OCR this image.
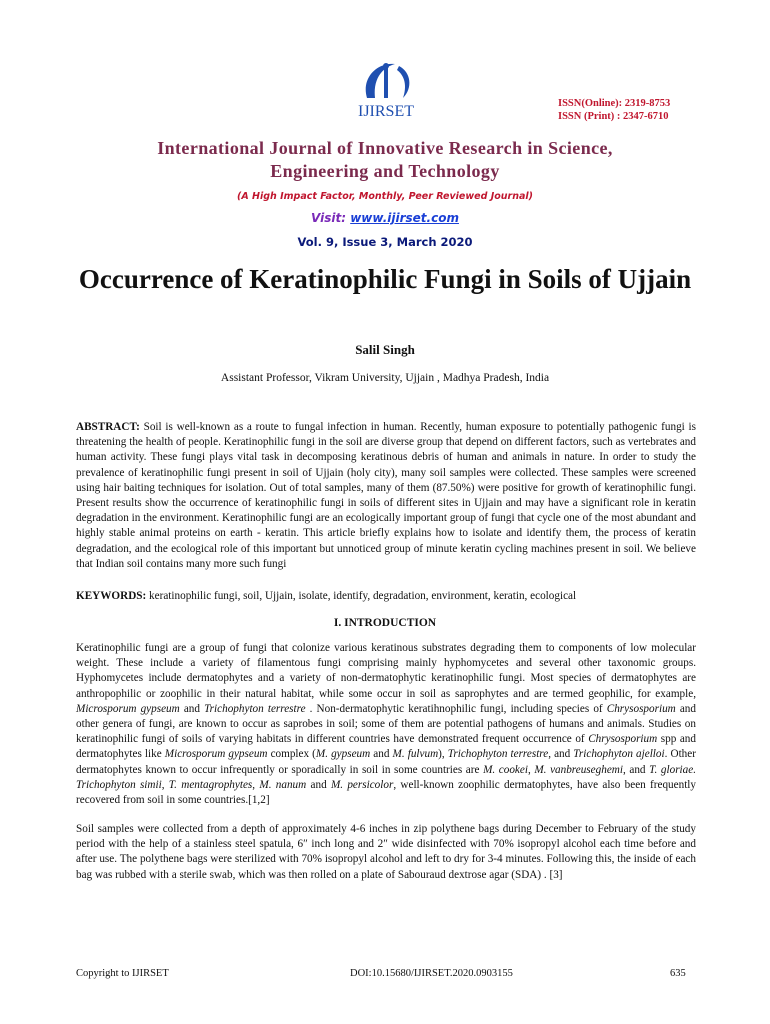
IJIRSET	ISSN(Online): 2319-8753
ISSN (Print) : 2347-6710
International Journal of Innovative Research in Science,
Engineering and Technology
(A High Impact Factor, Monthly, Peer Reviewed Journal)
Visit: www.ijirset.com
Vol. 9, Issue 3, March 2020
Occurrence of Keratinophilic Fungi in Soils of Ujjain
Salil Singh
Assistant Professor, Vikram University, Ujjain , Madhya Pradesh, India
ABSTRACT: Soil is well-known as a route to fungal infection in human. Recently, human exposure to potentially pathogenic fungi is threatening the health of people. Keratinophilic fungi in the soil are diverse group that depend on different factors, such as vertebrates and human activity. These fungi plays vital task in decomposing keratinous debris of human and animals in nature. In order to study the prevalence of keratinophilic fungi present in soil of Ujjain (holy city), many soil samples were collected. These samples were screened using hair baiting techniques for isolation. Out of total samples, many of them (87.50%) were positive for growth of keratinophilic fungi. Present results show the occurrence of keratinophilic fungi in soils of different sites in Ujjain and may have a significant role in keratin degradation in the environment. Keratinophilic fungi are an ecologically important group of fungi that cycle one of the most abundant and highly stable animal proteins on earth - keratin. This article briefly explains how to isolate and identify them, the process of keratin degradation, and the ecological role of this important but unnoticed group of minute keratin cycling machines present in soil. We believe that Indian soil contains many more such fungi
KEYWORDS: keratinophilic fungi, soil, Ujjain, isolate, identify, degradation, environment, keratin, ecological
I. INTRODUCTION
Keratinophilic fungi are a group of fungi that colonize various keratinous substrates degrading them to components of low molecular weight. These include a variety of filamentous fungi comprising mainly hyphomycetes and several other taxonomic groups. Hyphomycetes include dermatophytes and a variety of non-dermatophytic keratinophilic fungi. Most species of dermatophytes are anthropophilic or zoophilic in their natural habitat, while some occur in soil as saprophytes and are termed geophilic, for example, Microsporum gypseum and Trichophyton terrestre . Non-dermatophytic keratihnophilic fungi, including species of Chrysosporium and other genera of fungi, are known to occur as saprobes in soil; some of them are potential pathogens of humans and animals. Studies on keratinophilic fungi of soils of varying habitats in different countries have demonstrated frequent occurrence of Chrysosporium spp and dermatophytes like Microsporum gypseum complex (M. gypseum and M. fulvum), Trichophyton terrestre, and Trichophyton ajelloi. Other dermatophytes known to occur infrequently or sporadically in soil in some countries are M. cookei, M. vanbreuseghemi, and T. gloriae. Trichophyton simii, T. mentagrophytes, M. nanum and M. persicolor, well-known zoophilic dermatophytes, have also been frequently recovered from soil in some countries.[1,2]
Soil samples were collected from a depth of approximately 4-6 inches in zip polythene bags during December to February of the study period with the help of a stainless steel spatula, 6″ inch long and 2″ wide disinfected with 70% isopropyl alcohol each time before and after use. The polythene bags were sterilized with 70% isopropyl alcohol and left to dry for 3-4 minutes. Following this, the inside of each bag was rubbed with a sterile swab, which was then rolled on a plate of Sabouraud dextrose agar (SDA) . [3]
Copyright to IJIRSET	DOI:10.15680/IJIRSET.2020.0903155	635
